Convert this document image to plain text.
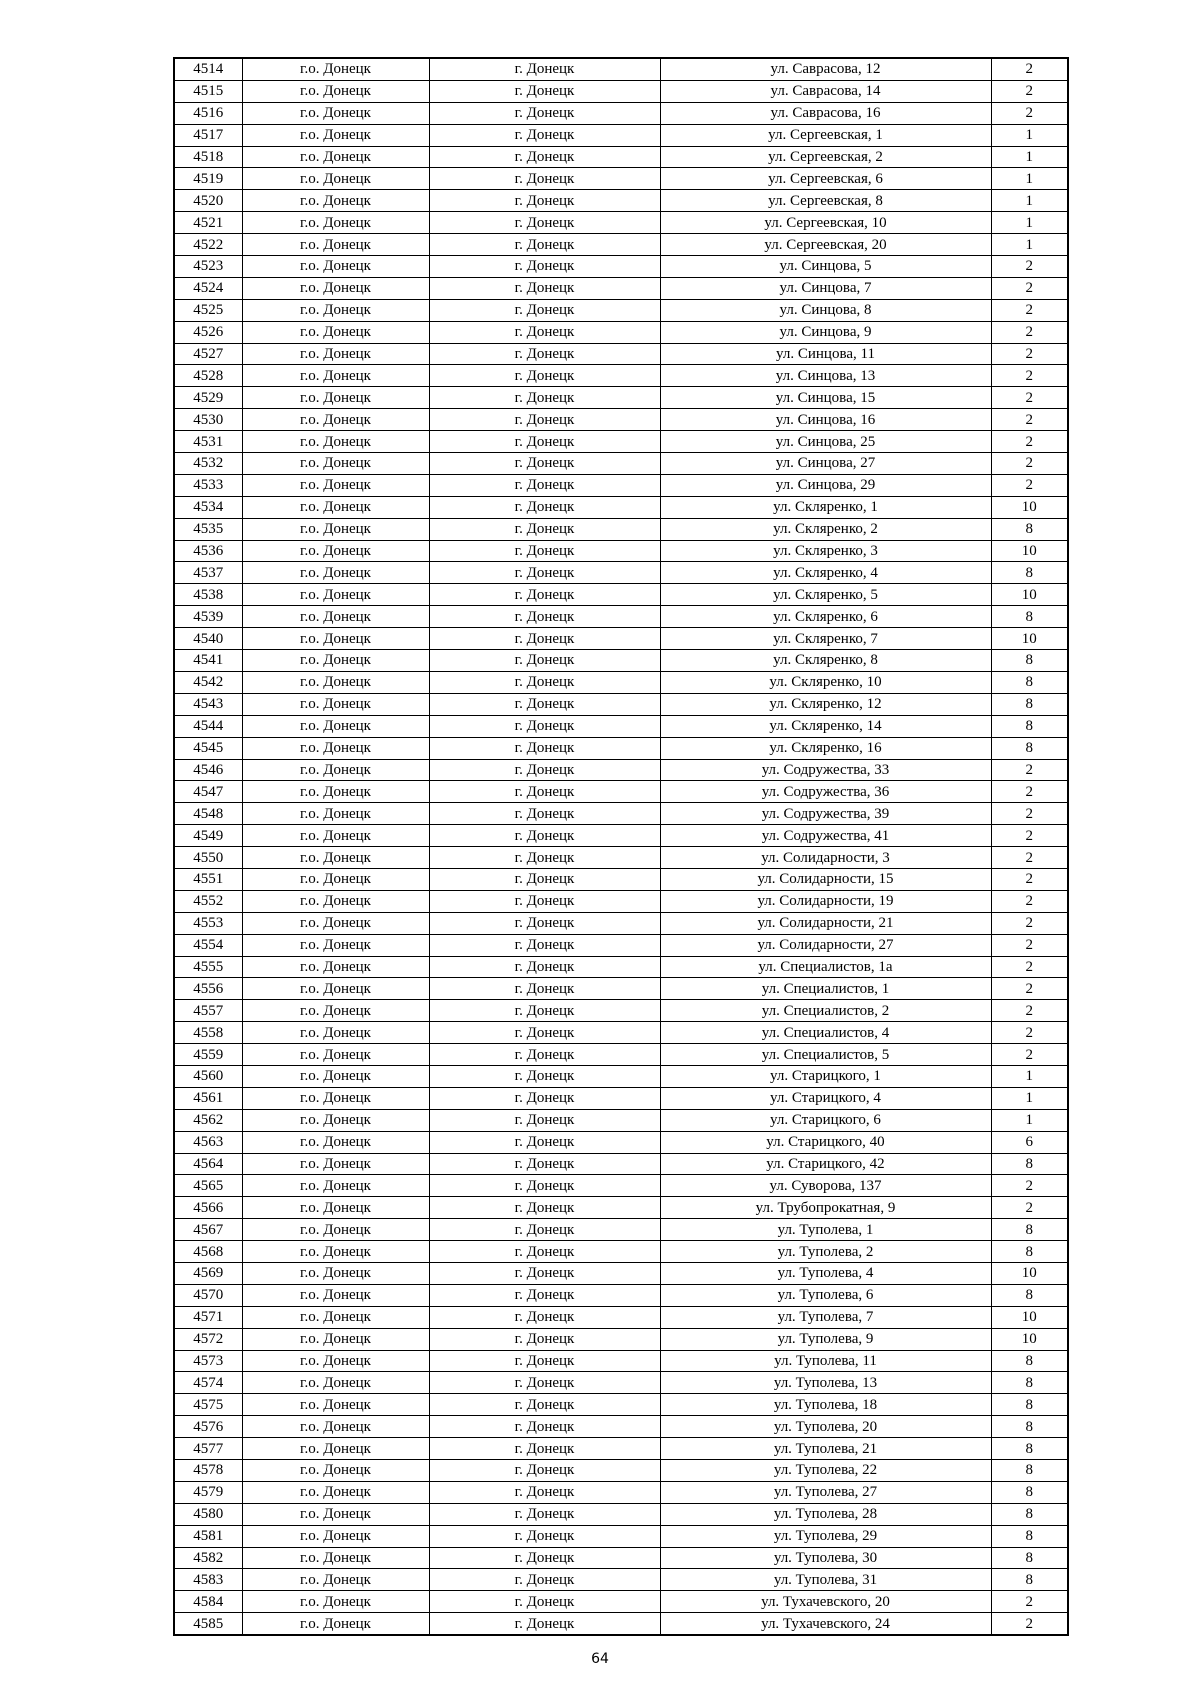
4514	г.о. Донецк	г. Донецк	ул. Саврасова, 12	2
4515	г.о. Донецк	г. Донецк	ул. Саврасова, 14	2
4516	г.о. Донецк	г. Донецк	ул. Саврасова, 16	2
4517	г.о. Донецк	г. Донецк	ул. Сергеевская, 1	1
4518	г.о. Донецк	г. Донецк	ул. Сергеевская, 2	1
4519	г.о. Донецк	г. Донецк	ул. Сергеевская, 6	1
4520	г.о. Донецк	г. Донецк	ул. Сергеевская, 8	1
4521	г.о. Донецк	г. Донецк	ул. Сергеевская, 10	1
4522	г.о. Донецк	г. Донецк	ул. Сергеевская, 20	1
4523	г.о. Донецк	г. Донецк	ул. Синцова, 5	2
4524	г.о. Донецк	г. Донецк	ул. Синцова, 7	2
4525	г.о. Донецк	г. Донецк	ул. Синцова, 8	2
4526	г.о. Донецк	г. Донецк	ул. Синцова, 9	2
4527	г.о. Донецк	г. Донецк	ул. Синцова, 11	2
4528	г.о. Донецк	г. Донецк	ул. Синцова, 13	2
4529	г.о. Донецк	г. Донецк	ул. Синцова, 15	2
4530	г.о. Донецк	г. Донецк	ул. Синцова, 16	2
4531	г.о. Донецк	г. Донецк	ул. Синцова, 25	2
4532	г.о. Донецк	г. Донецк	ул. Синцова, 27	2
4533	г.о. Донецк	г. Донецк	ул. Синцова, 29	2
4534	г.о. Донецк	г. Донецк	ул. Скляренко, 1	10
4535	г.о. Донецк	г. Донецк	ул. Скляренко, 2	8
4536	г.о. Донецк	г. Донецк	ул. Скляренко, 3	10
4537	г.о. Донецк	г. Донецк	ул. Скляренко, 4	8
4538	г.о. Донецк	г. Донецк	ул. Скляренко, 5	10
4539	г.о. Донецк	г. Донецк	ул. Скляренко, 6	8
4540	г.о. Донецк	г. Донецк	ул. Скляренко, 7	10
4541	г.о. Донецк	г. Донецк	ул. Скляренко, 8	8
4542	г.о. Донецк	г. Донецк	ул. Скляренко, 10	8
4543	г.о. Донецк	г. Донецк	ул. Скляренко, 12	8
4544	г.о. Донецк	г. Донецк	ул. Скляренко, 14	8
4545	г.о. Донецк	г. Донецк	ул. Скляренко, 16	8
4546	г.о. Донецк	г. Донецк	ул. Содружества, 33	2
4547	г.о. Донецк	г. Донецк	ул. Содружества, 36	2
4548	г.о. Донецк	г. Донецк	ул. Содружества, 39	2
4549	г.о. Донецк	г. Донецк	ул. Содружества, 41	2
4550	г.о. Донецк	г. Донецк	ул. Солидарности, 3	2
4551	г.о. Донецк	г. Донецк	ул. Солидарности, 15	2
4552	г.о. Донецк	г. Донецк	ул. Солидарности, 19	2
4553	г.о. Донецк	г. Донецк	ул. Солидарности, 21	2
4554	г.о. Донецк	г. Донецк	ул. Солидарности, 27	2
4555	г.о. Донецк	г. Донецк	ул. Специалистов, 1а	2
4556	г.о. Донецк	г. Донецк	ул. Специалистов, 1	2
4557	г.о. Донецк	г. Донецк	ул. Специалистов, 2	2
4558	г.о. Донецк	г. Донецк	ул. Специалистов, 4	2
4559	г.о. Донецк	г. Донецк	ул. Специалистов, 5	2
4560	г.о. Донецк	г. Донецк	ул. Старицкого, 1	1
4561	г.о. Донецк	г. Донецк	ул. Старицкого, 4	1
4562	г.о. Донецк	г. Донецк	ул. Старицкого, 6	1
4563	г.о. Донецк	г. Донецк	ул. Старицкого, 40	6
4564	г.о. Донецк	г. Донецк	ул. Старицкого, 42	8
4565	г.о. Донецк	г. Донецк	ул. Суворова, 137	2
4566	г.о. Донецк	г. Донецк	ул. Трубопрокатная, 9	2
4567	г.о. Донецк	г. Донецк	ул. Туполева, 1	8
4568	г.о. Донецк	г. Донецк	ул. Туполева, 2	8
4569	г.о. Донецк	г. Донецк	ул. Туполева, 4	10
4570	г.о. Донецк	г. Донецк	ул. Туполева, 6	8
4571	г.о. Донецк	г. Донецк	ул. Туполева, 7	10
4572	г.о. Донецк	г. Донецк	ул. Туполева, 9	10
4573	г.о. Донецк	г. Донецк	ул. Туполева, 11	8
4574	г.о. Донецк	г. Донецк	ул. Туполева, 13	8
4575	г.о. Донецк	г. Донецк	ул. Туполева, 18	8
4576	г.о. Донецк	г. Донецк	ул. Туполева, 20	8
4577	г.о. Донецк	г. Донецк	ул. Туполева, 21	8
4578	г.о. Донецк	г. Донецк	ул. Туполева, 22	8
4579	г.о. Донецк	г. Донецк	ул. Туполева, 27	8
4580	г.о. Донецк	г. Донецк	ул. Туполева, 28	8
4581	г.о. Донецк	г. Донецк	ул. Туполева, 29	8
4582	г.о. Донецк	г. Донецк	ул. Туполева, 30	8
4583	г.о. Донецк	г. Донецк	ул. Туполева, 31	8
4584	г.о. Донецк	г. Донецк	ул. Тухачевского, 20	2
4585	г.о. Донецк	г. Донецк	ул. Тухачевского, 24	2
64
